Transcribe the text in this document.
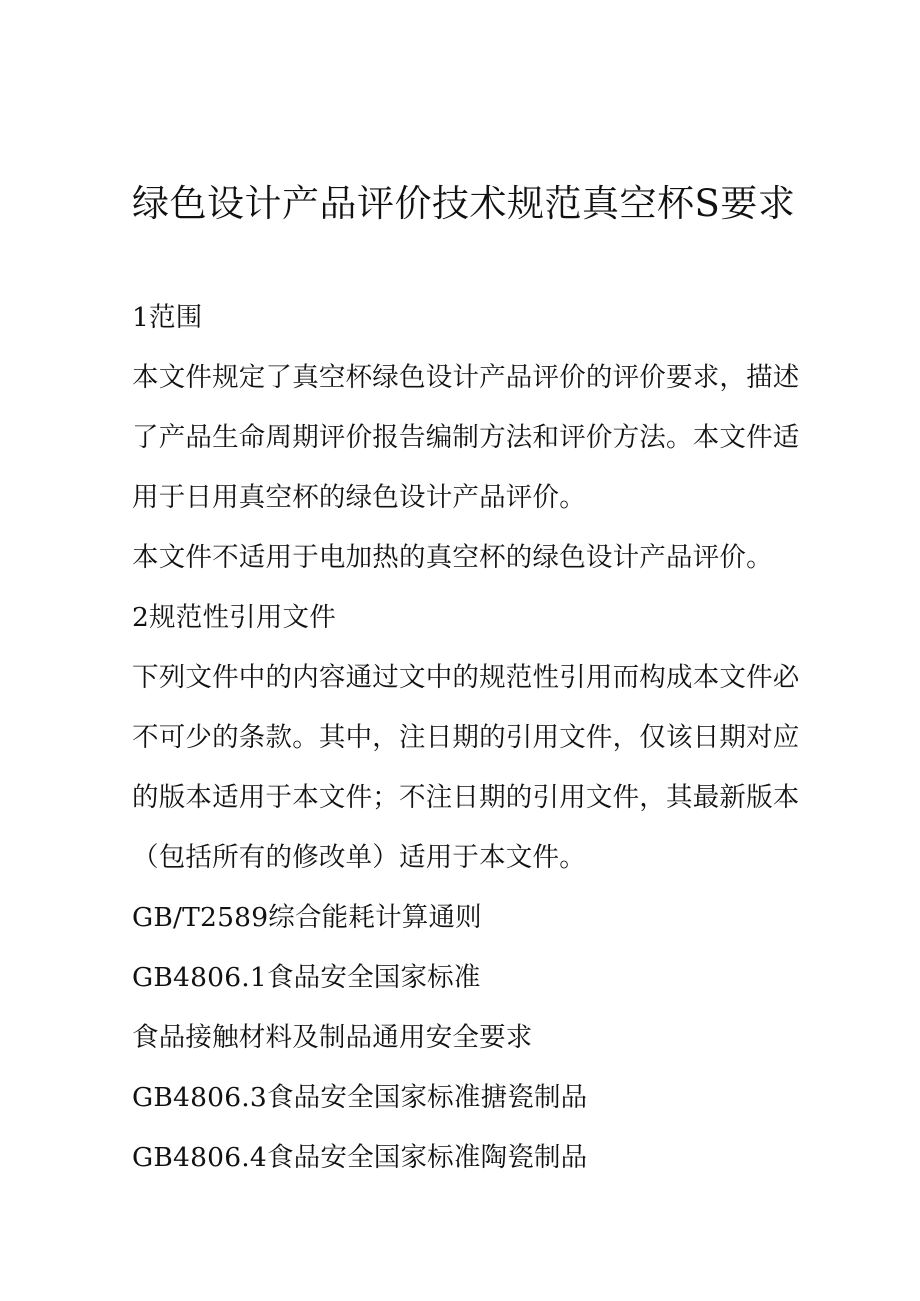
绿色设计产品评价技术规范真空杯S要求
1范围
本文件规定了真空杯绿色设计产品评价的评价要求，描述
了产品生命周期评价报告编制方法和评价方法。本文件适
用于日用真空杯的绿色设计产品评价。
本文件不适用于电加热的真空杯的绿色设计产品评价。
2规范性引用文件
下列文件中的内容通过文中的规范性引用而构成本文件必
不可少的条款。其中，注日期的引用文件，仅该日期对应
的版本适用于本文件；不注日期的引用文件，其最新版本
（包括所有的修改单）适用于本文件。
GB/T2589综合能耗计算通则
GB4806.1食品安全国家标准
食品接触材料及制品通用安全要求
GB4806.3食品安全国家标准搪瓷制品
GB4806.4食品安全国家标准陶瓷制品
